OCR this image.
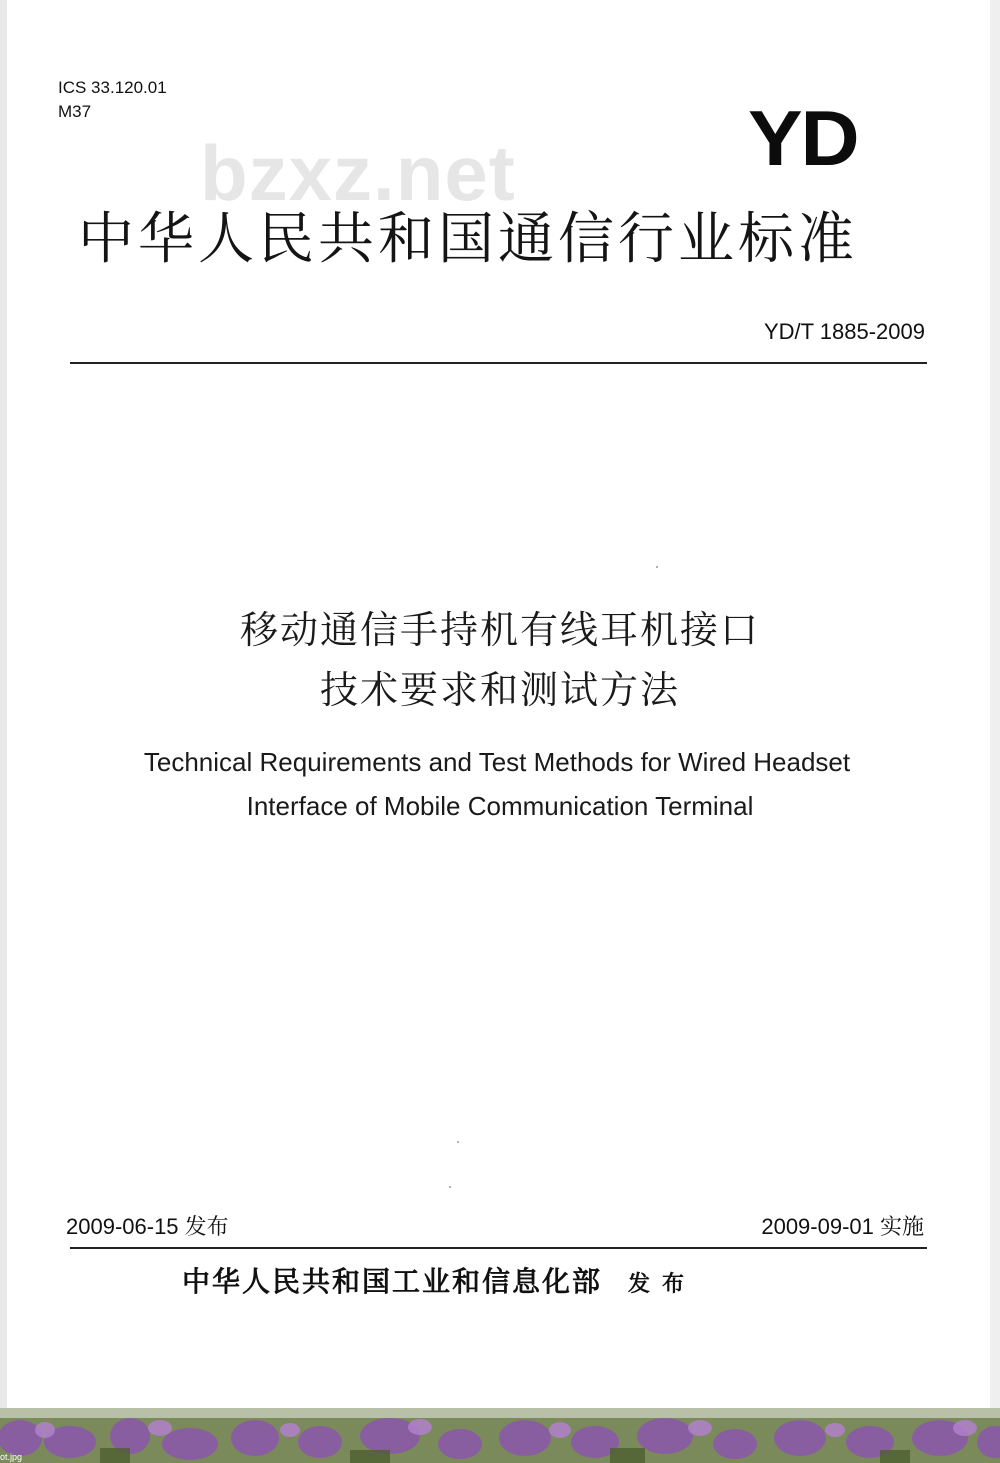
ICS 33.120.01
M37
bzxz.net	YD
中华人民共和国通信行业标准
YD/T 1885-2009
移动通信手持机有线耳机接口
技术要求和测试方法
Technical Requirements and Test Methods for Wired Headset
Interface of Mobile Communication Terminal
2009-06-15 发布	2009-09-01 实施
中华人民共和国工业和信息化部 发布
ot.jpg
